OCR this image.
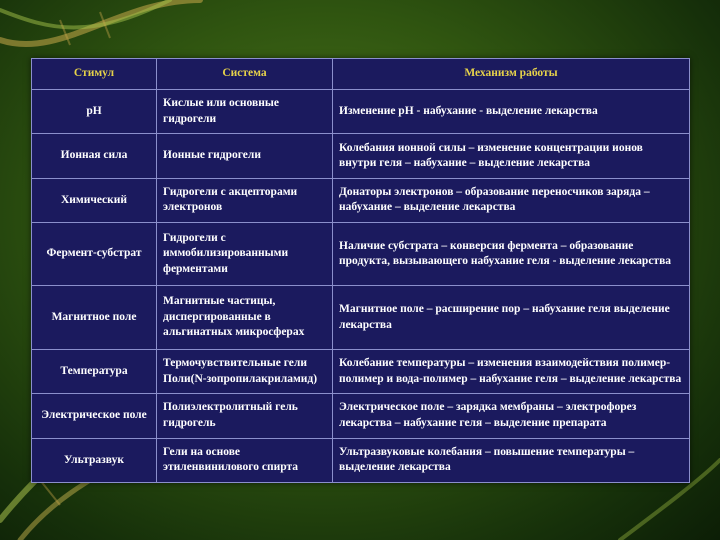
Стимул	Система	Механизм работы
pH	Кислые или основные гидрогели	Изменение pH - набухание - выделение лекарства
Ионная сила	Ионные гидрогели	Колебания ионной силы – изменение концентрации ионов внутри геля – набухание – выделение лекарства
Химический	Гидрогели с акцепторами электронов	Донаторы электронов – образование переносчиков заряда – набухание – выделение лекарства
Фермент-субстрат	Гидрогели с иммобилизированными ферментами	Наличие субстрата – конверсия фермента – образование продукта, вызывающего набухание геля - выделение лекарства
Магнитное поле	Магнитные частицы, диспергированные в альгинатных микросферах	Магнитное поле – расширение пор – набухание геля выделение лекарства
Температура	Термочувствительные гели Поли(N-зопропилакриламид)	Колебание температуры – изменения взаимодействия полимер-полимер и вода-полимер – набухание геля – выделение лекарства
Электрическое поле	Полиэлектролитный гель гидрогель	Электрическое поле – зарядка мембраны – электрофорез лекарства – набухание геля – выделение препарата
Ультразвук	Гели на основе этиленвинилового спирта	Ультразвуковые колебания – повышение температуры – выделение лекарства
